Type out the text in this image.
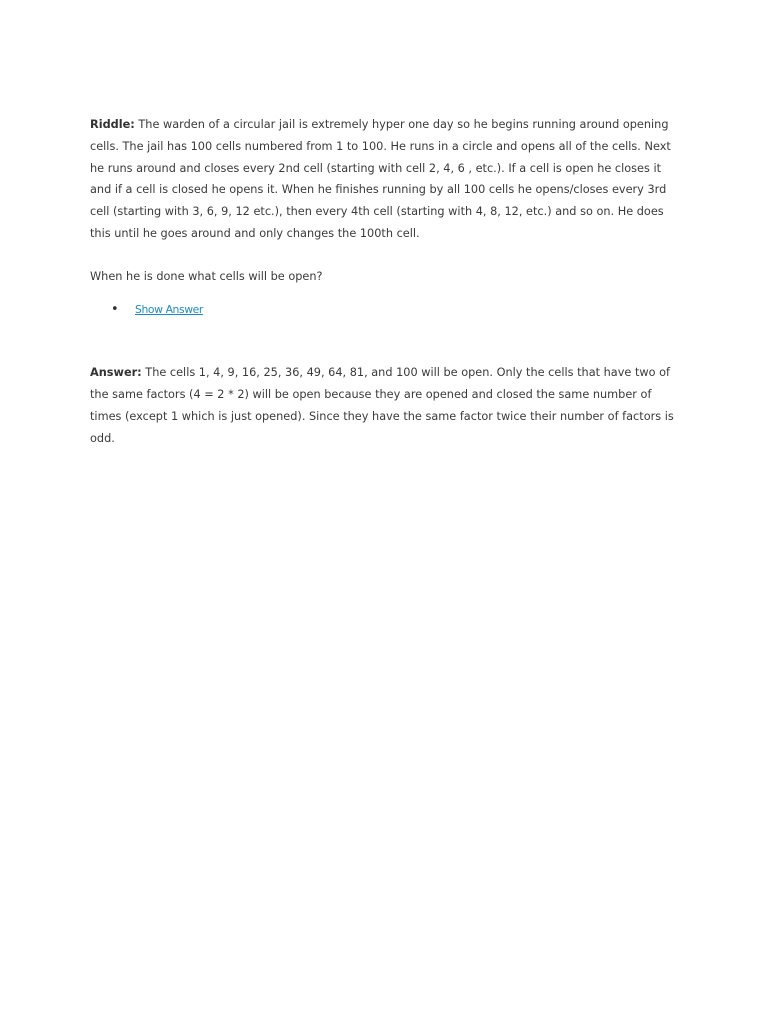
Riddle: The warden of a circular jail is extremely hyper one day so he begins running around opening cells. The jail has 100 cells numbered from 1 to 100. He runs in a circle and opens all of the cells. Next he runs around and closes every 2nd cell (starting with cell 2, 4, 6 , etc.). If a cell is open he closes it and if a cell is closed he opens it. When he finishes running by all 100 cells he opens/closes every 3rd cell (starting with 3, 6, 9, 12 etc.), then every 4th cell (starting with 4, 8, 12, etc.) and so on. He does this until he goes around and only changes the 100th cell.

When he is done what cells will be open?

• Show Answer

Answer: The cells 1, 4, 9, 16, 25, 36, 49, 64, 81, and 100 will be open. Only the cells that have two of the same factors (4 = 2 * 2) will be open because they are opened and closed the same number of times (except 1 which is just opened). Since they have the same factor twice their number of factors is odd.
